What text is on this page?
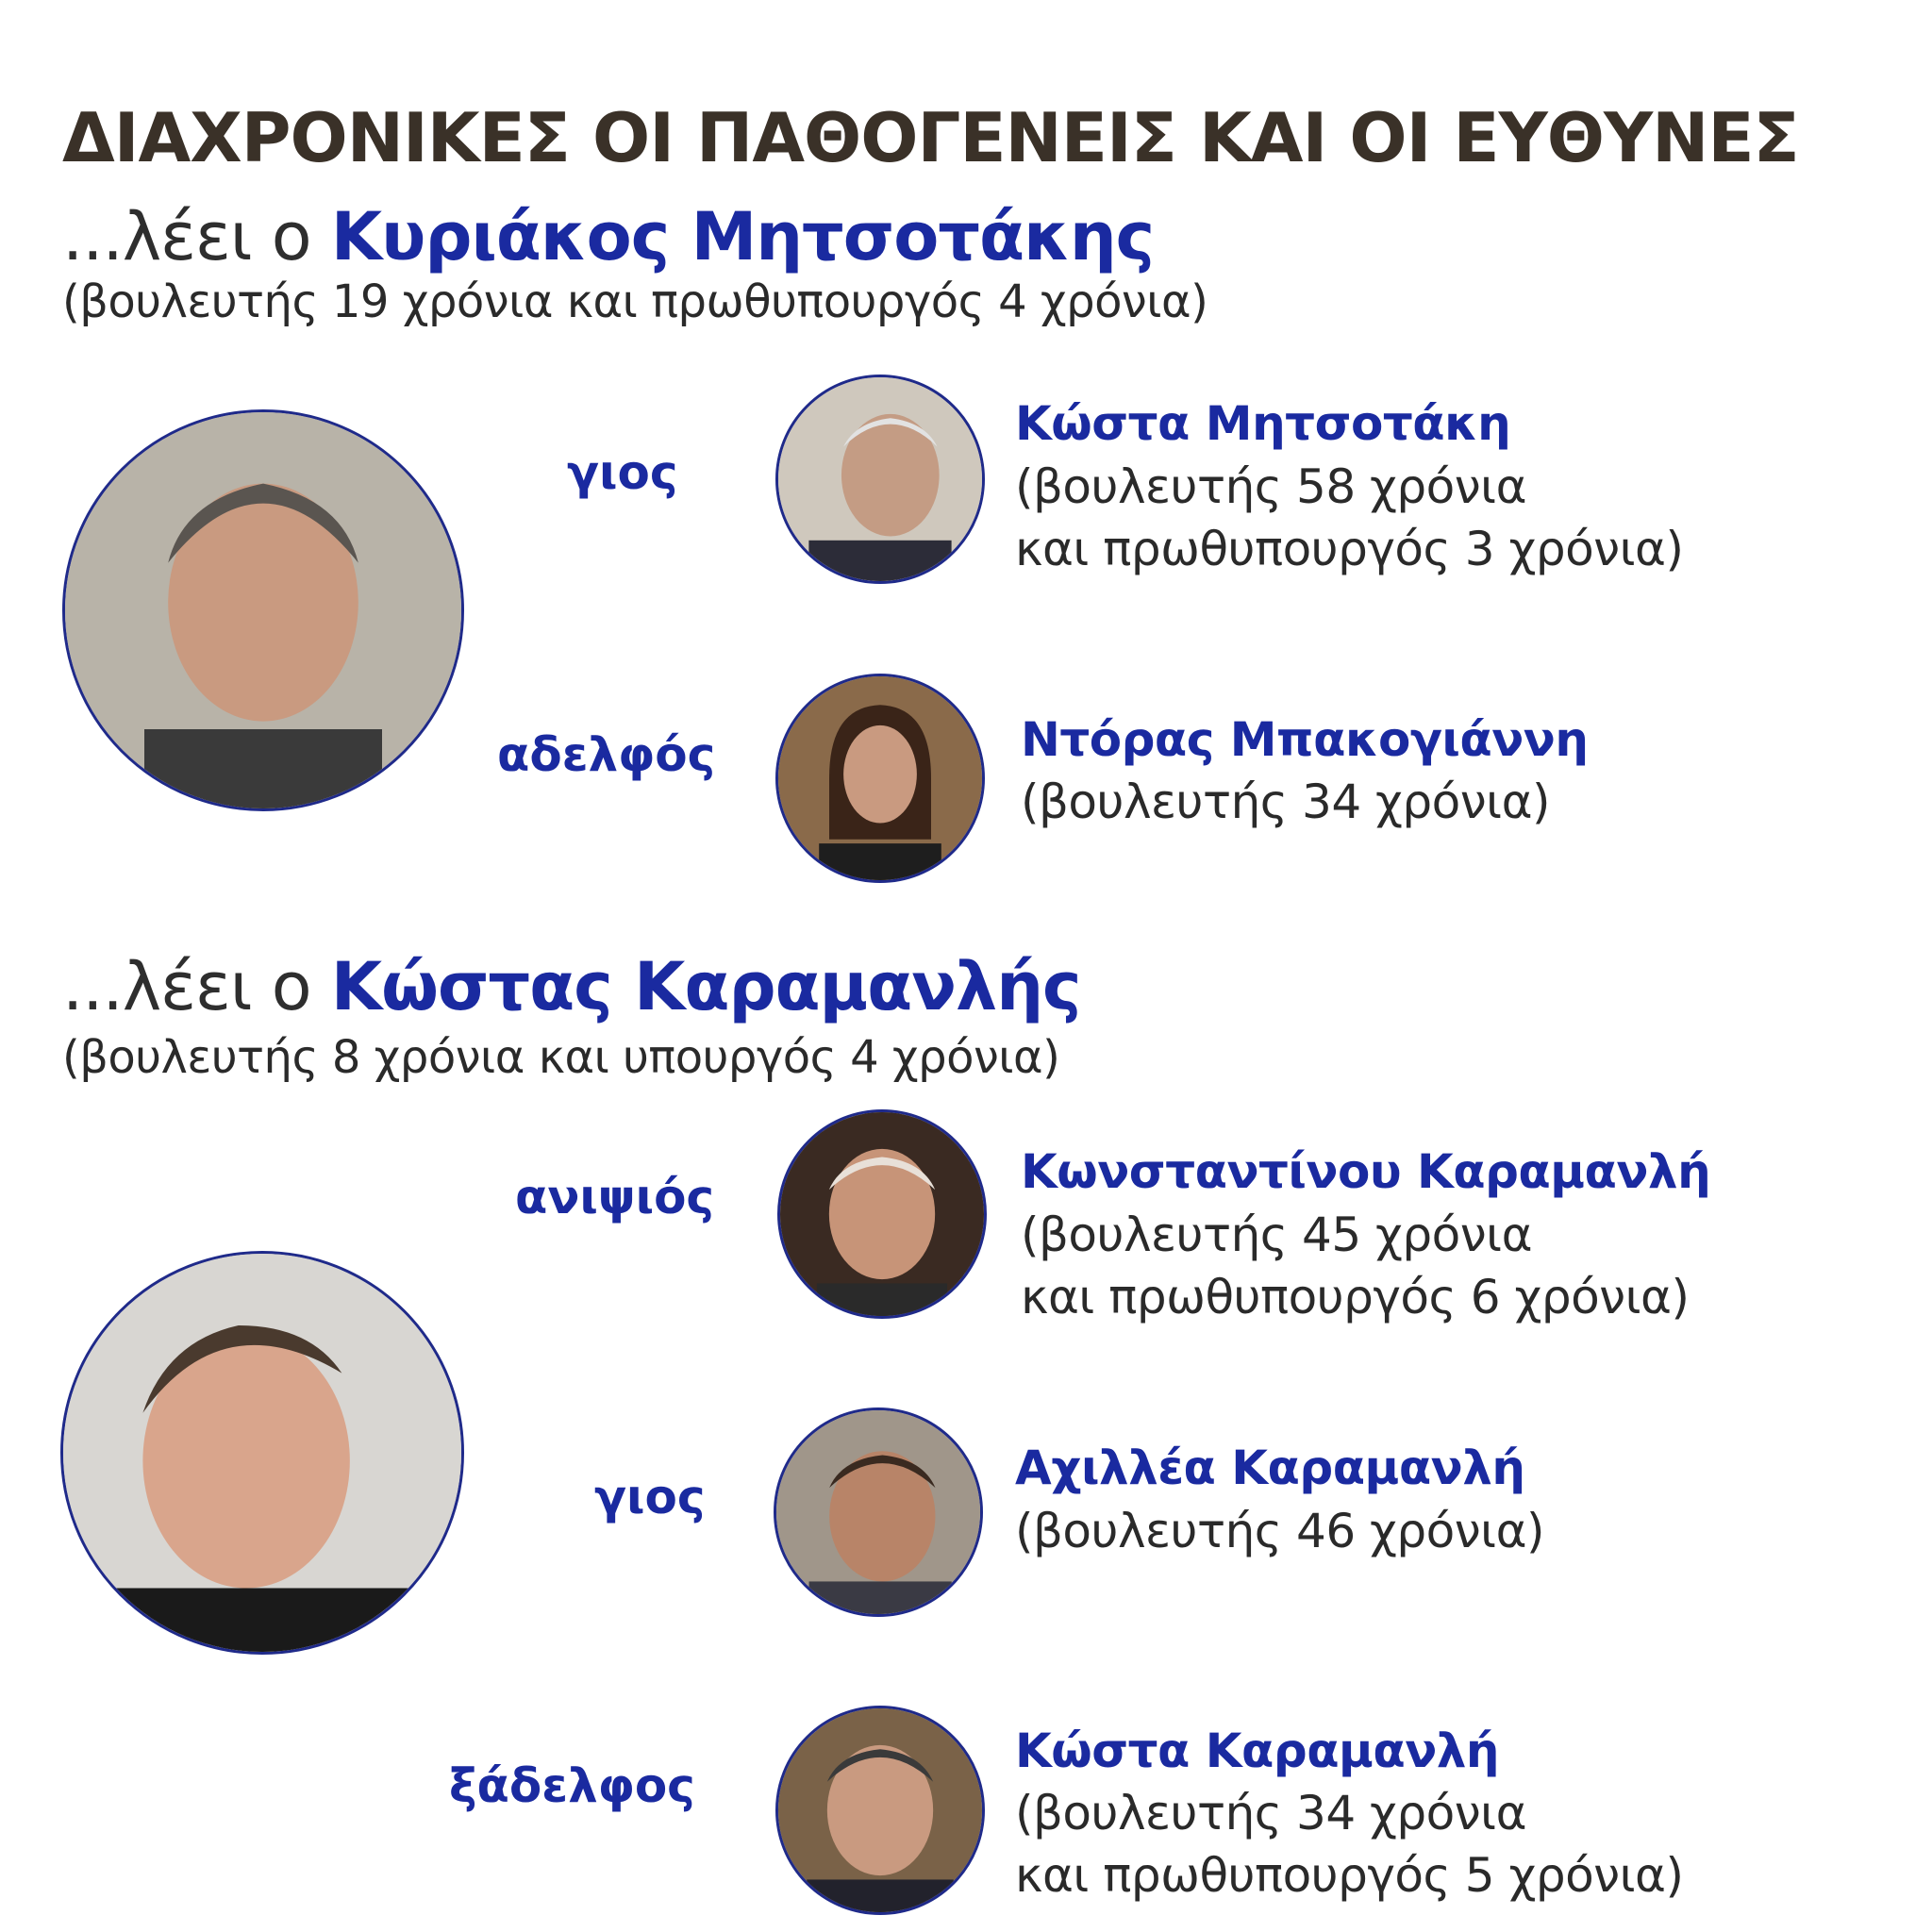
ΔΙΑΧΡΟΝΙΚΕΣ ΟΙ ΠΑΘΟΓΕΝΕΙΣ ΚΑΙ ΟΙ ΕΥΘΥΝΕΣ
...λέει ο Κυριάκος Μητσοτάκης
(βουλευτής 19 χρόνια και πρωθυπουργός 4 χρόνια)
γιος
Κώστα Μητσοτάκη
(βουλευτής 58 χρόνια
και πρωθυπουργός 3 χρόνια)
αδελφός	Ντόρας Μπακογιάννη
(βουλευτής 34 χρόνια)
...λέει ο Κώστας Καραμανλής
(βουλευτής 8 χρόνια και υπουργός 4 χρόνια)
ανιψιός	Κωνσταντίνου Καραμανλή
(βουλευτής 45 χρόνια
και πρωθυπουργός 6 χρόνια)
γιος
Αχιλλέα Καραμανλή
(βουλευτής 46 χρόνια)
ξάδελφος
Κώστα Καραμανλή
(βουλευτής 34 χρόνια
και πρωθυπουργός 5 χρόνια)
